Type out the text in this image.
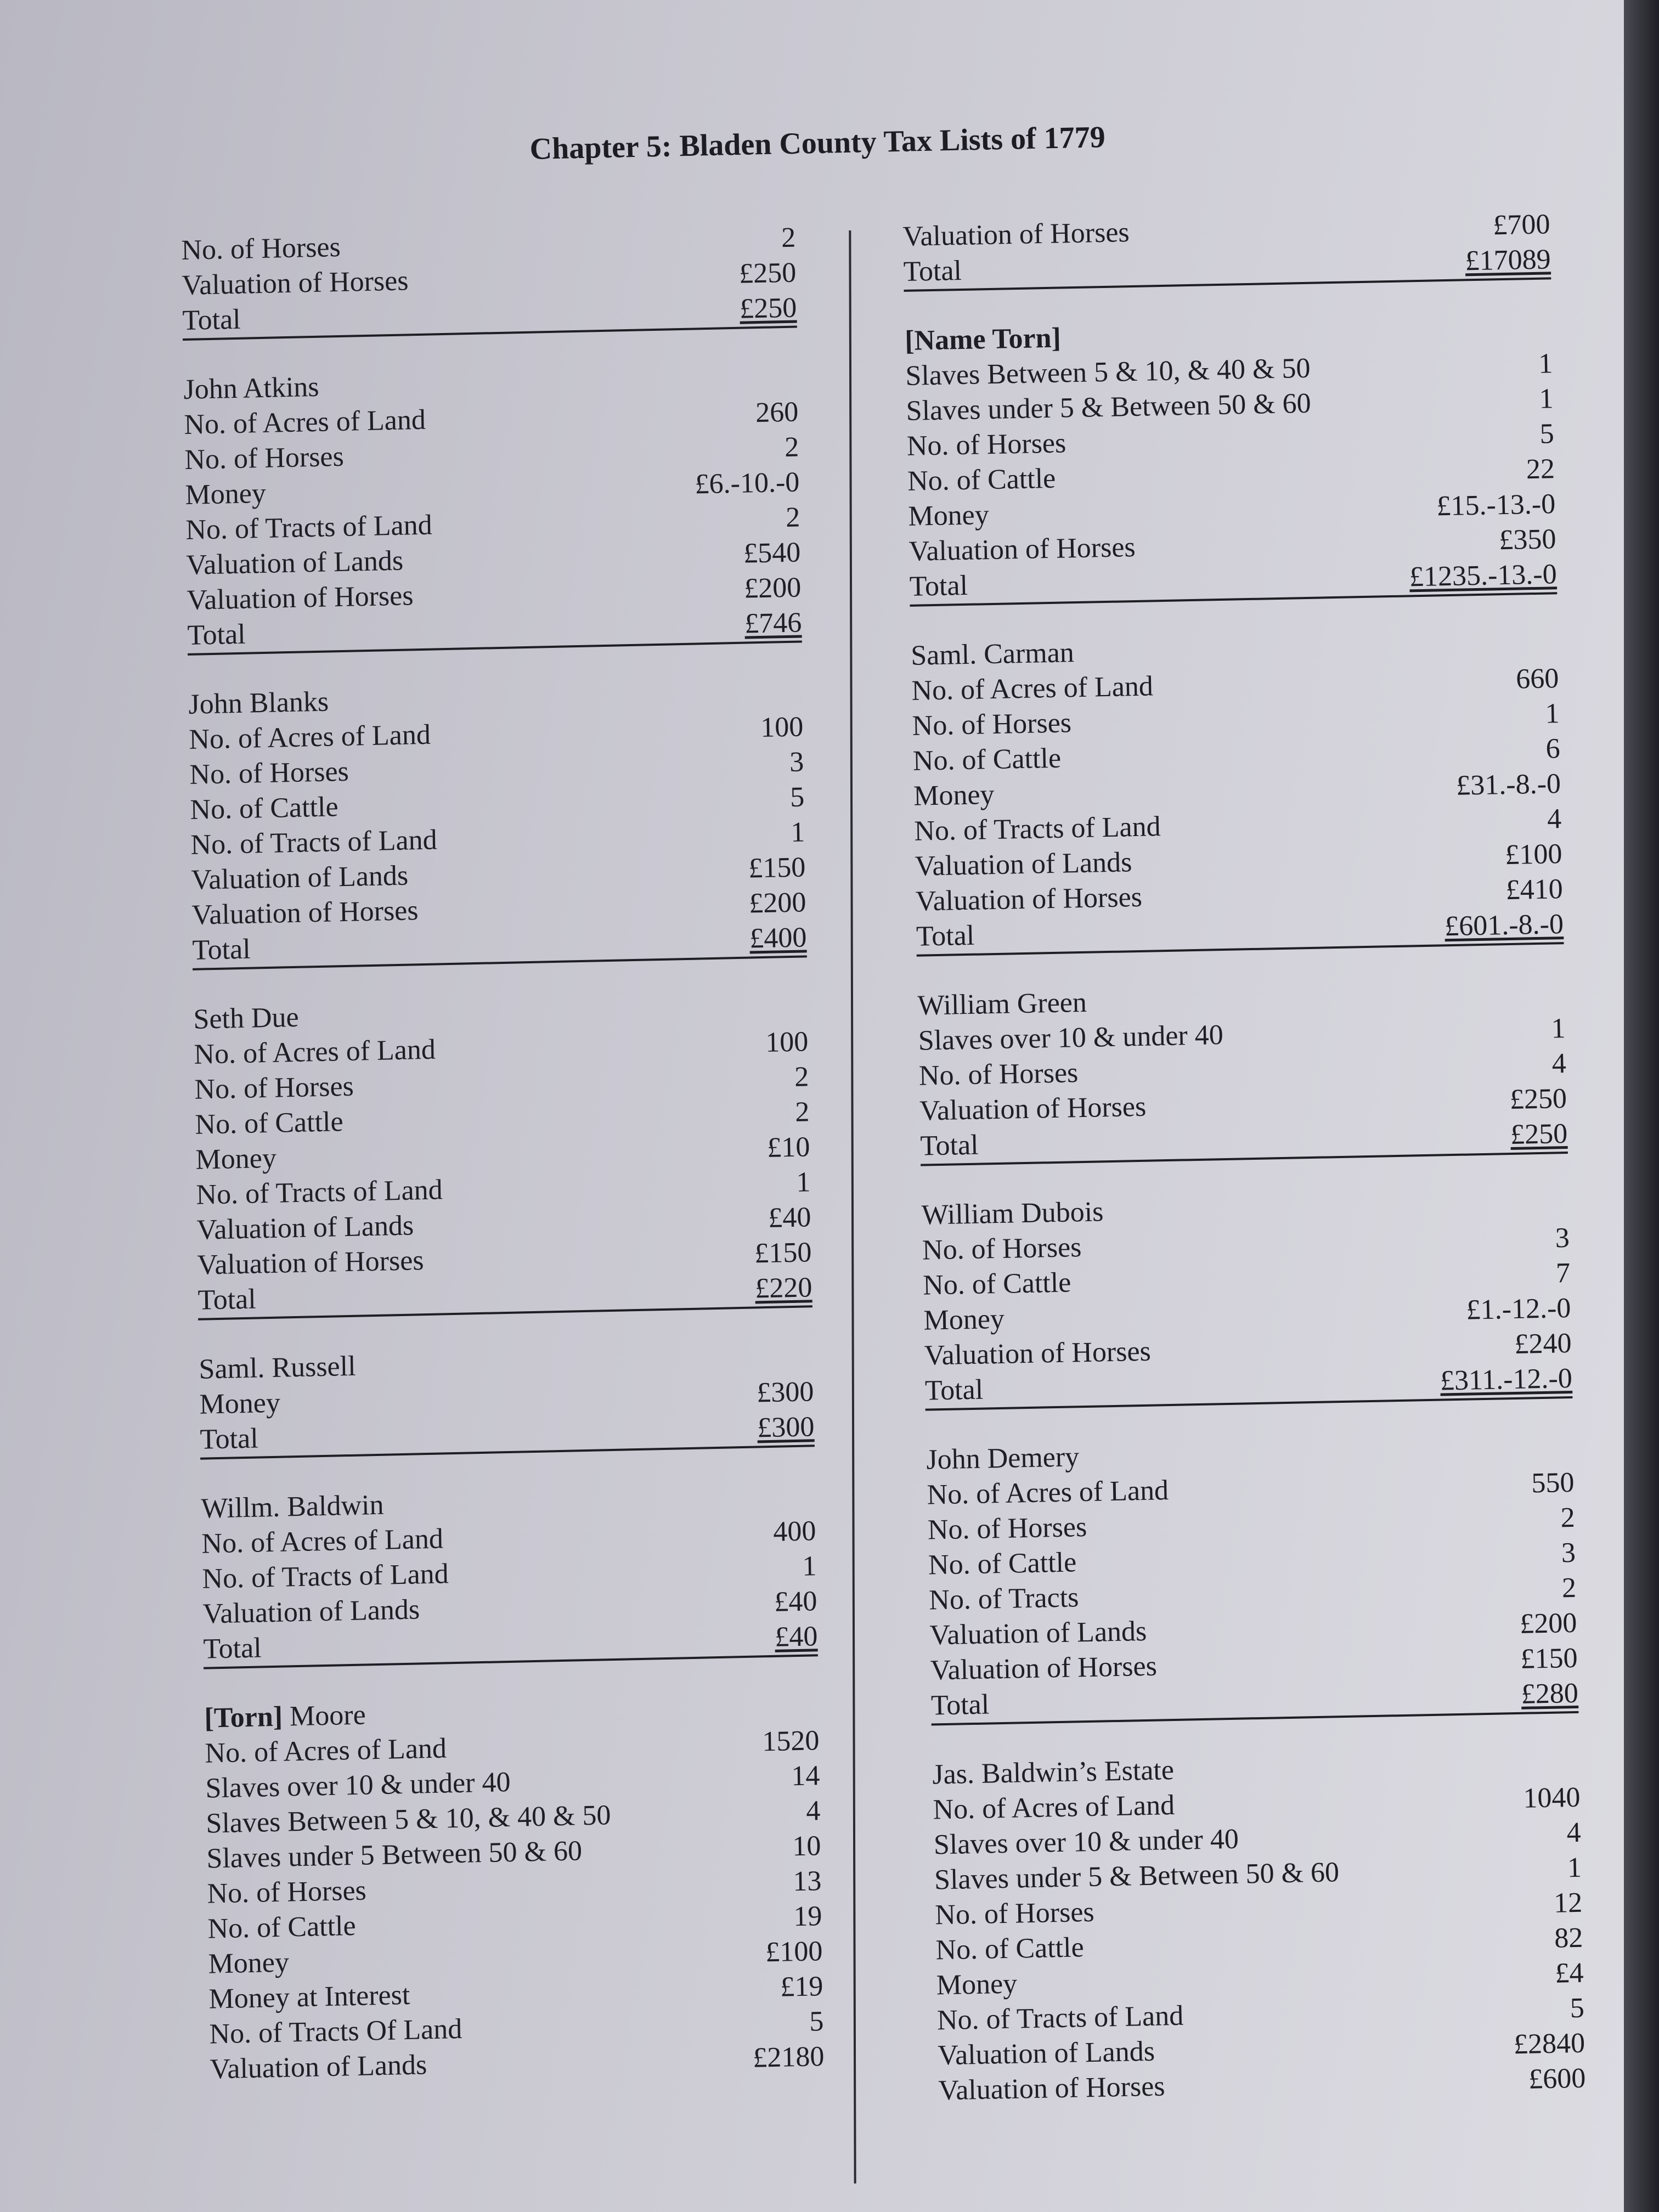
Chapter 5: Bladen County Tax Lists of 1779
No. of Horses	2
Valuation of Horses	£250
Total	£250
John Atkins
No. of Acres of Land	260
No. of Horses	2
Money	£6.-10.-0
No. of Tracts of Land	2
Valuation of Lands	£540
Valuation of Horses	£200
Total	£746
John Blanks
No. of Acres of Land	100
No. of Horses	3
No. of Cattle	5
No. of Tracts of Land	1
Valuation of Lands	£150
Valuation of Horses	£200
Total	£400
Seth Due
No. of Acres of Land	100
No. of Horses	2
No. of Cattle	2
Money	£10
No. of Tracts of Land	1
Valuation of Lands	£40
Valuation of Horses	£150
Total	£220
Saml. Russell
Money	£300
Total	£300
Willm. Baldwin
No. of Acres of Land	400
No. of Tracts of Land	1
Valuation of Lands	£40
Total	£40
[Torn] Moore
No. of Acres of Land	1520
Slaves over 10 & under 40	14
Slaves Between 5 & 10, & 40 & 50	4
Slaves under 5 Between 50 & 60	10
No. of Horses	13
No. of Cattle	19
Money	£100
Money at Interest	£19
No. of Tracts Of Land	5
Valuation of Lands	£2180
Valuation of Horses	£700
Total	£17089
[Name Torn]
Slaves Between 5 & 10, & 40 & 50	1
Slaves under 5 & Between 50 & 60	1
No. of Horses	5
No. of Cattle	22
Money	£15.-13.-0
Valuation of Horses	£350
Total	£1235.-13.-0
Saml. Carman
No. of Acres of Land	660
No. of Horses	1
No. of Cattle	6
Money	£31.-8.-0
No. of Tracts of Land	4
Valuation of Lands	£100
Valuation of Horses	£410
Total	£601.-8.-0
William Green
Slaves over 10 & under 40	1
No. of Horses	4
Valuation of Horses	£250
Total	£250
William Dubois
No. of Horses	3
No. of Cattle	7
Money	£1.-12.-0
Valuation of Horses	£240
Total	£311.-12.-0
John Demery
No. of Acres of Land	550
No. of Horses	2
No. of Cattle	3
No. of Tracts	2
Valuation of Lands	£200
Valuation of Horses	£150
Total	£280
Jas. Baldwin’s Estate
No. of Acres of Land	1040
Slaves over 10 & under 40	4
Slaves under 5 & Between 50 & 60	1
No. of Horses	12
No. of Cattle	82
Money	£4
No. of Tracts of Land	5
Valuation of Lands	£2840
Valuation of Horses	£600
